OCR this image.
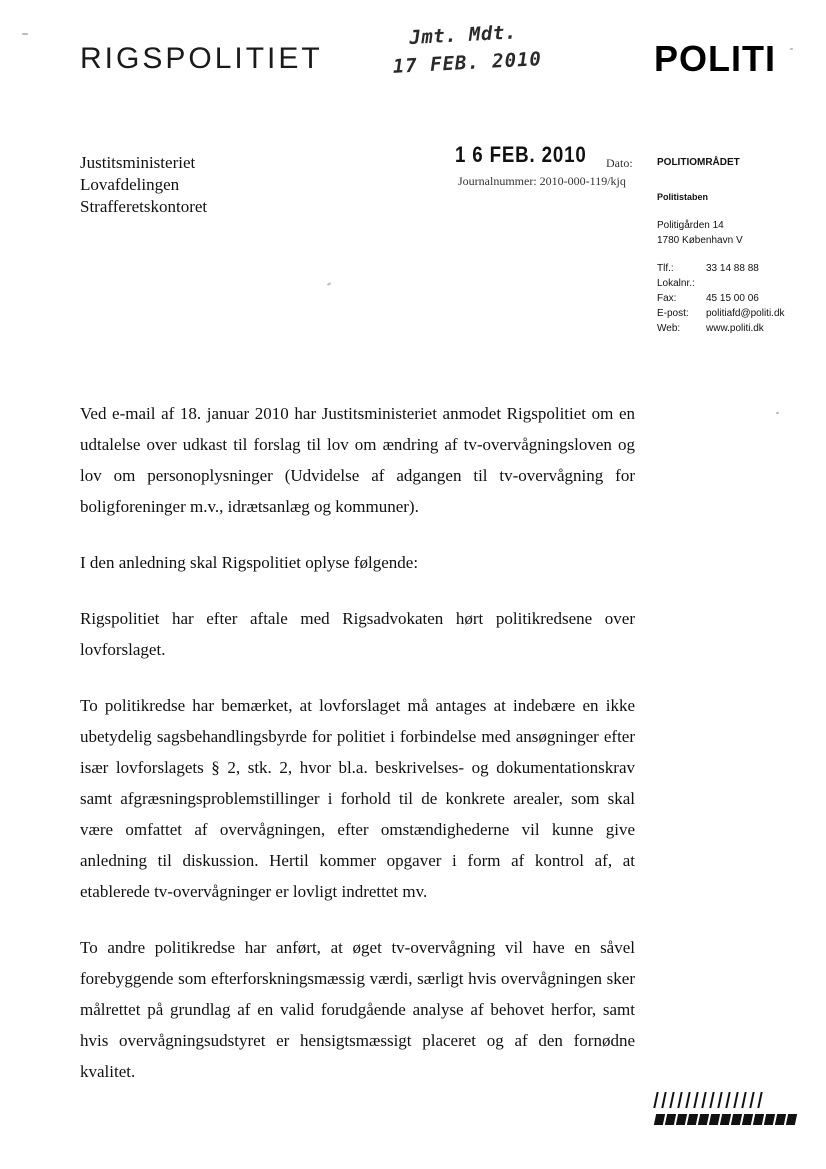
RIGSPOLITIET
Jmt. Mdt.
17 FEB. 2010	POLITI
Justitsministeriet
Lovafdelingen
Strafferetskontoret
1 6 FEB. 2010 Dato:
Journalnummer: 2010-000-119/kjq
POLITIOMRÅDET
Politistaben
Politigården 14
1780 København V
Tlf.:	33 14 88 88
Lokalnr.:
Fax:	45 15 00 06
E-post: politiafd@politi.dk
Web:	www.politi.dk

Ved e-mail af 18. januar 2010 har Justitsministeriet anmodet Rigspolitiet om en udtalelse over udkast til forslag til lov om ændring af tv-overvågningsloven og lov om personoplysninger (Udvidelse af adgangen til tv-overvågning for boligforeninger m.v., idrætsanlæg og kommuner).

I den anledning skal Rigspolitiet oplyse følgende:

Rigspolitiet har efter aftale med Rigsadvokaten hørt politikredsene over lovforslaget.

To politikredse har bemærket, at lovforslaget må antages at indebære en ikke ubetydelig sagsbehandlingsbyrde for politiet i forbindelse med ansøgninger efter især lovforslagets § 2, stk. 2, hvor bl.a. beskrivelses- og dokumentationskrav samt afgræsningsproblemstillinger i forhold til de konkrete arealer, som skal være omfattet af overvågningen, efter omstændighederne vil kunne give anledning til diskussion. Hertil kommer opgaver i form af kontrol af, at etablerede tv-overvågninger er lovligt indrettet mv.

To andre politikredse har anført, at øget tv-overvågning vil have en såvel forebyggende som efterforskningsmæssig værdi, særligt hvis overvågningen sker målrettet på grundlag af en valid forudgående analyse af behovet herfor, samt hvis overvågningsudstyret er hensigtsmæssigt placeret og af den fornødne kvalitet.
